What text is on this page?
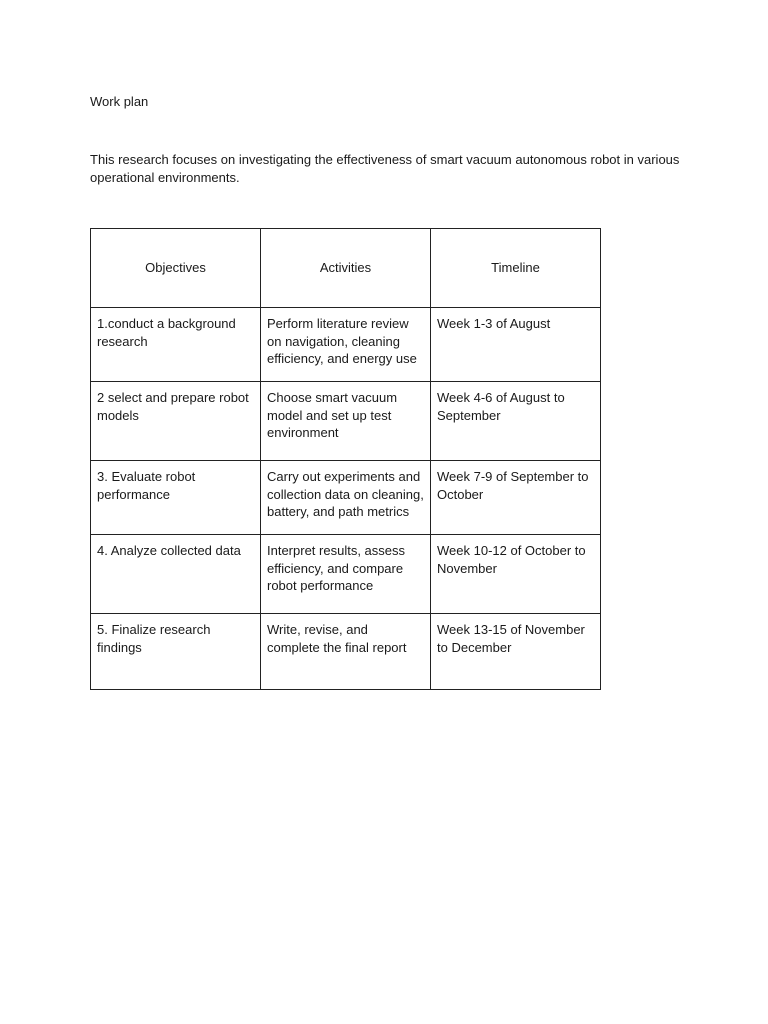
Work plan
This research focuses on investigating the effectiveness of smart vacuum autonomous robot in various operational environments.
Objectives	Activities	Timeline
1.conduct a background research	Perform literature review on navigation, cleaning efficiency, and energy use	Week 1-3 of August
2 select and prepare robot models	Choose smart vacuum model and set up test environment	Week 4-6 of August to September
3. Evaluate robot performance	Carry out experiments and collection data on cleaning, battery, and path metrics	Week 7-9 of September to October
4. Analyze collected data	Interpret results, assess efficiency, and compare robot performance	Week 10-12 of October to November
5. Finalize research findings	Write, revise, and complete the final report	Week 13-15 of November to December
